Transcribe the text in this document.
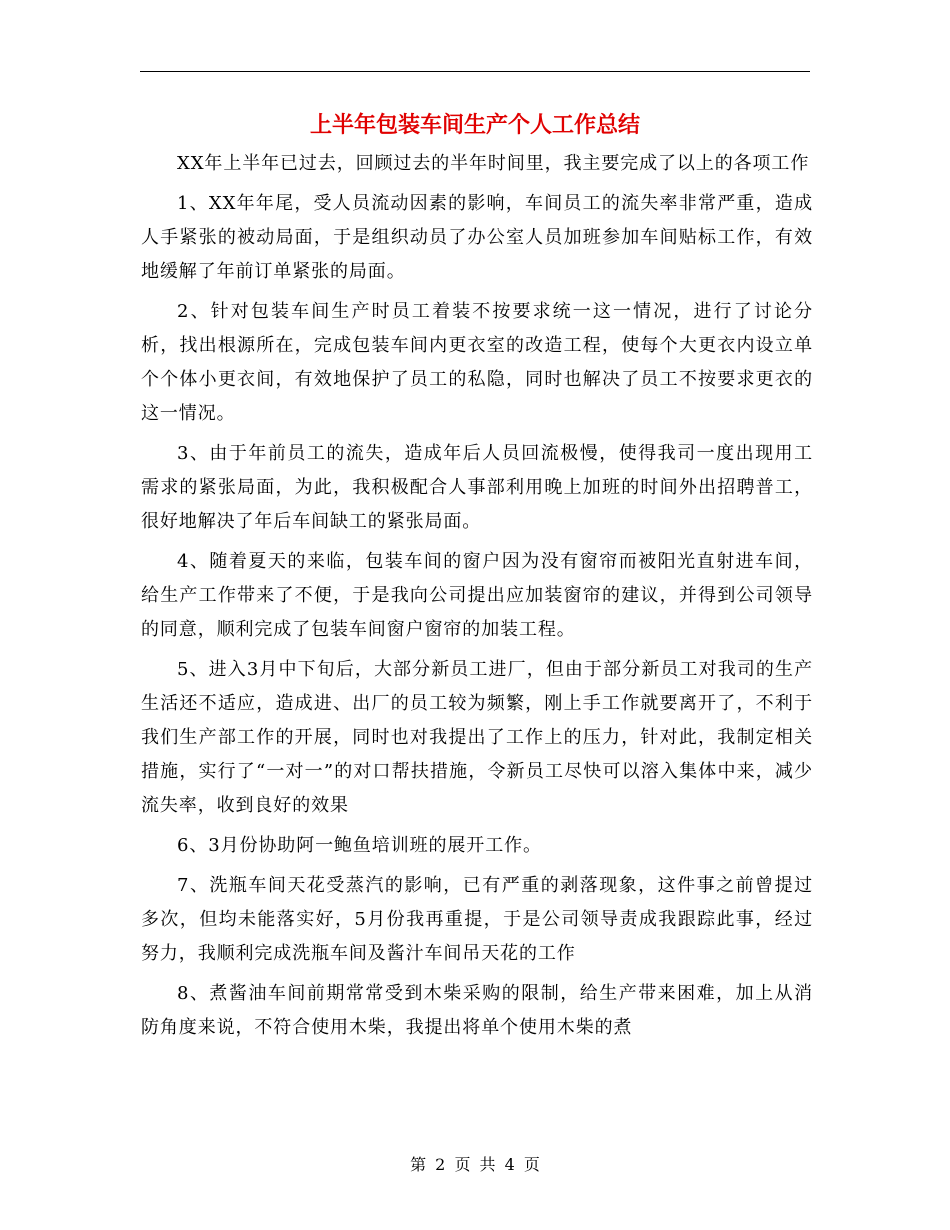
上半年包装车间生产个人工作总结

XX年上半年已过去，回顾过去的半年时间里，我主要完成了以上的各项工作

1、XX年年尾，受人员流动因素的影响，车间员工的流失率非常严重，造成人手紧张的被动局面，于是组织动员了办公室人员加班参加车间贴标工作，有效地缓解了年前订单紧张的局面。

2、针对包装车间生产时员工着装不按要求统一这一情况，进行了讨论分析，找出根源所在，完成包装车间内更衣室的改造工程，使每个大更衣内设立单个个体小更衣间，有效地保护了员工的私隐，同时也解决了员工不按要求更衣的这一情况。

3、由于年前员工的流失，造成年后人员回流极慢，使得我司一度出现用工需求的紧张局面，为此，我积极配合人事部利用晚上加班的时间外出招聘普工，很好地解决了年后车间缺工的紧张局面。

4、随着夏天的来临，包装车间的窗户因为没有窗帘而被阳光直射进车间，给生产工作带来了不便，于是我向公司提出应加装窗帘的建议，并得到公司领导的同意，顺利完成了包装车间窗户窗帘的加装工程。

5、进入3月中下旬后，大部分新员工进厂，但由于部分新员工对我司的生产生活还不适应，造成进、出厂的员工较为频繁，刚上手工作就要离开了，不利于我们生产部工作的开展，同时也对我提出了工作上的压力，针对此，我制定相关措施，实行了“一对一”的对口帮扶措施，令新员工尽快可以溶入集体中来，减少流失率，收到良好的效果

6、3月份协助阿一鲍鱼培训班的展开工作。

7、洗瓶车间天花受蒸汽的影响，已有严重的剥落现象，这件事之前曾提过多次，但均未能落实好，5月份我再重提，于是公司领导责成我跟踪此事，经过努力，我顺利完成洗瓶车间及酱汁车间吊天花的工作

8、煮酱油车间前期常常受到木柴采购的限制，给生产带来困难，加上从消防角度来说，不符合使用木柴，我提出将单个使用木柴的煮

第 2 页 共 4 页
